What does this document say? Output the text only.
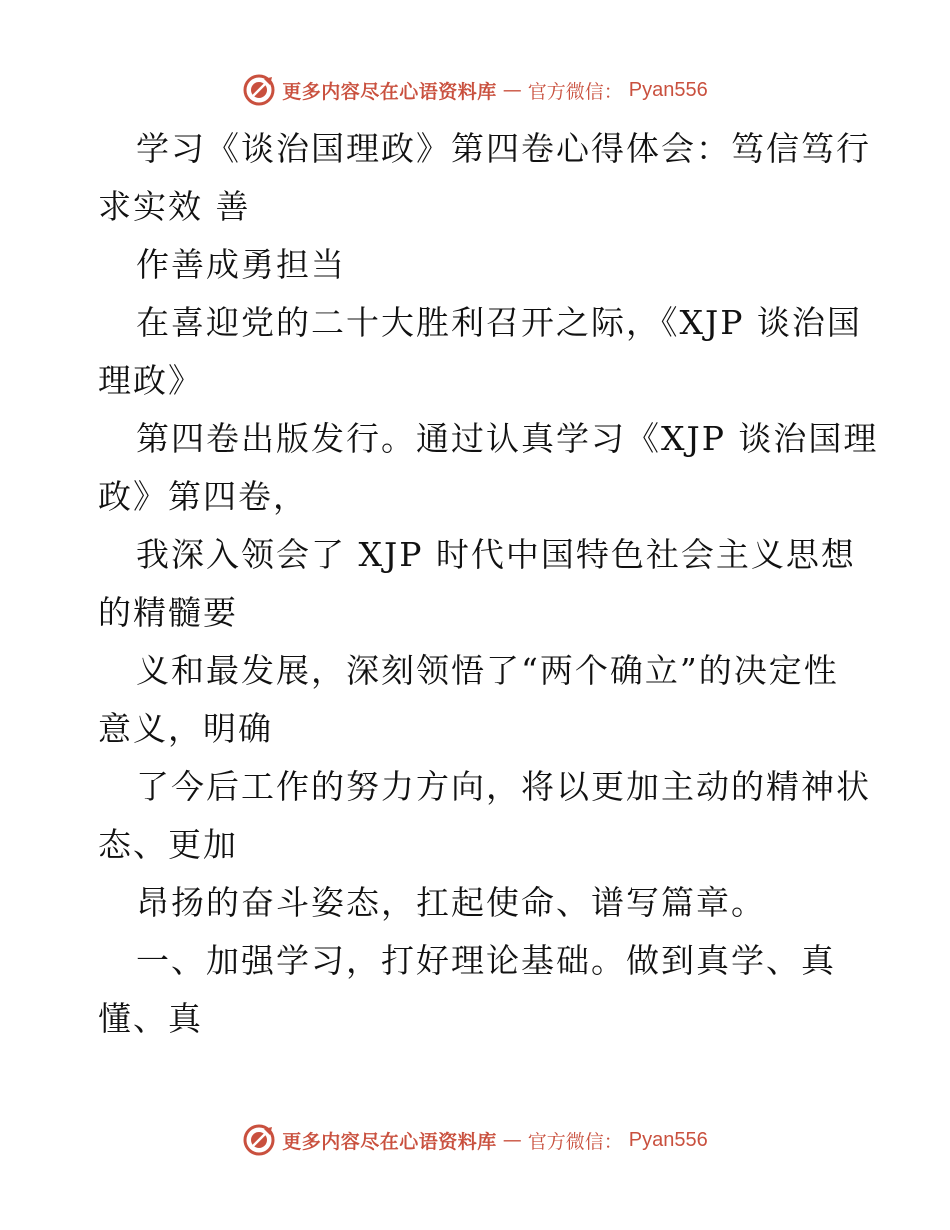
更多内容尽在心语资料库 — 官方微信： Pyan556
学习《谈治国理政》第四卷心得体会：笃信笃行
求实效 善
作善成勇担当
在喜迎党的二十大胜利召开之际，《XJP 谈治国
理政》
第四卷出版发行。通过认真学习《XJP 谈治国理
政》第四卷，
我深入领会了 XJP 时代中国特色社会主义思想
的精髓要
义和最发展，深刻领悟了“两个确立”的决定性
意义，明确
了今后工作的努力方向，将以更加主动的精神状
态、更加
昂扬的奋斗姿态，扛起使命、谱写篇章。
一、加强学习，打好理论基础。做到真学、真
懂、真
更多内容尽在心语资料库 — 官方微信： Pyan556
